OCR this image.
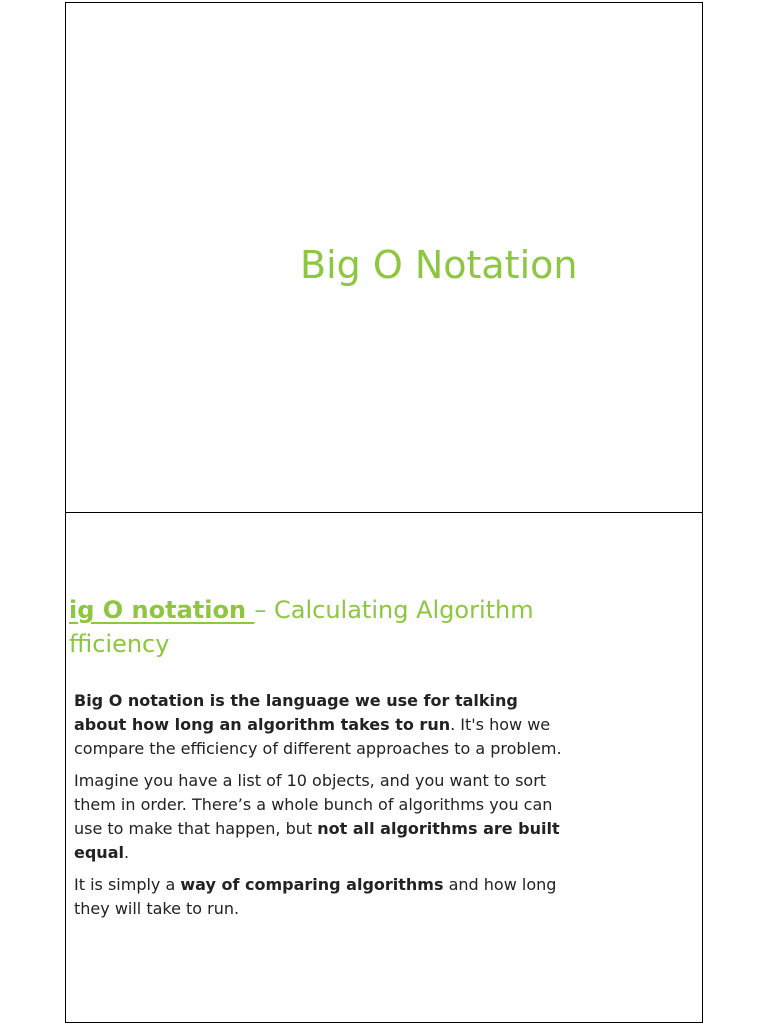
Big O Notation
ig O notation – Calculating Algorithm
fficiency

Big O notation is the language we use for talking about how long an algorithm takes to run. It's how we compare the efficiency of different approaches to a problem.

Imagine you have a list of 10 objects, and you want to sort them in order. There’s a whole bunch of algorithms you can use to make that happen, but not all algorithms are built equal.

It is simply a way of comparing algorithms and how long they will take to run.
